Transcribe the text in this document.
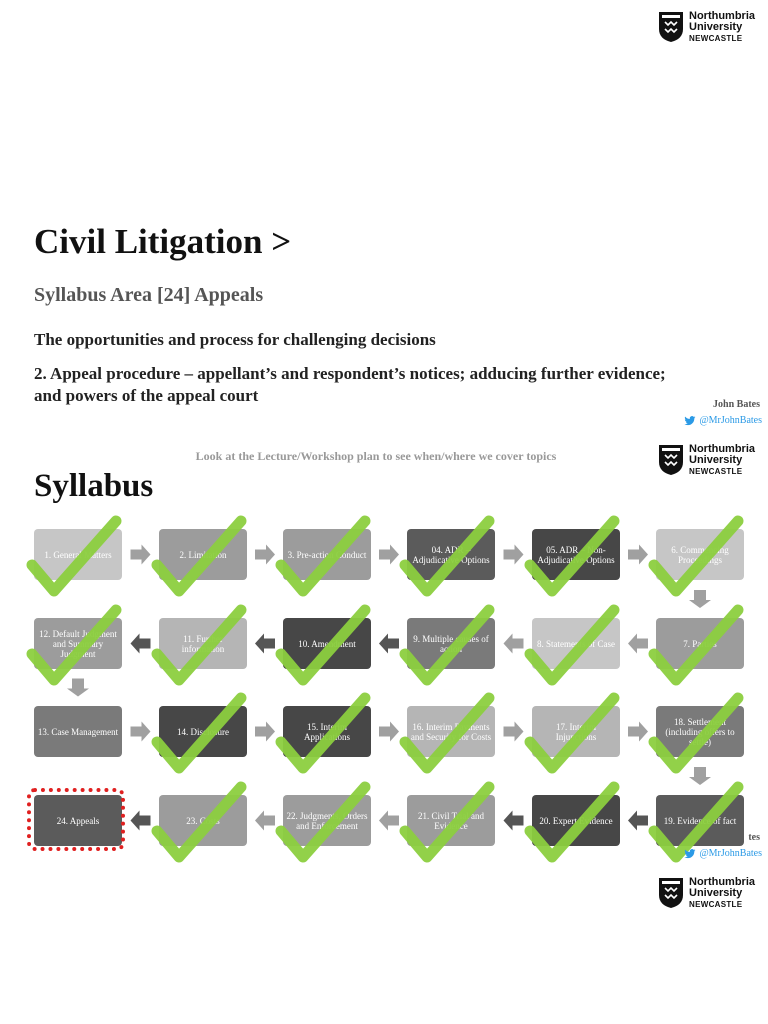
Northumbria
University
NEWCASTLE
Northumbria
University
NEWCASTLE
Northumbria
University
NEWCASTLE
Civil Litigation >
Syllabus Area [24] Appeals
The opportunities and process for challenging decisions
2. Appeal procedure – appellant’s and respondent’s notices; adducing further evidence; and powers of the appeal court	John Bates
@MrJohnBates
Look at the Lecture/Workshop plan to see when/where we cover topics
Syllabus
1. General Matters	2. Limitation	3. Pre-action Conduct	04. ADR – Adjudicative Options
05. ADR – Non-Adjudicative Options
6. Commencing Proceedings
7. Parties
8. Statements of Case
9. Multiple causes of action
10. Amendment
11. Further information
12. Default Judgment and Summary Judgment
13. Case Management	14. Disclosure	15. Interim Applications
16. Interim Payments and Security for Costs
17. Interim Injunctions
18. Settlement (including offers to settle)
19. Evidence of fact
20. Expert Evidence
21. Civil Trial and Evidence
22. Judgments, Orders and Enforcement
23. Costs
24. Appeals
tes
@MrJohnBates
